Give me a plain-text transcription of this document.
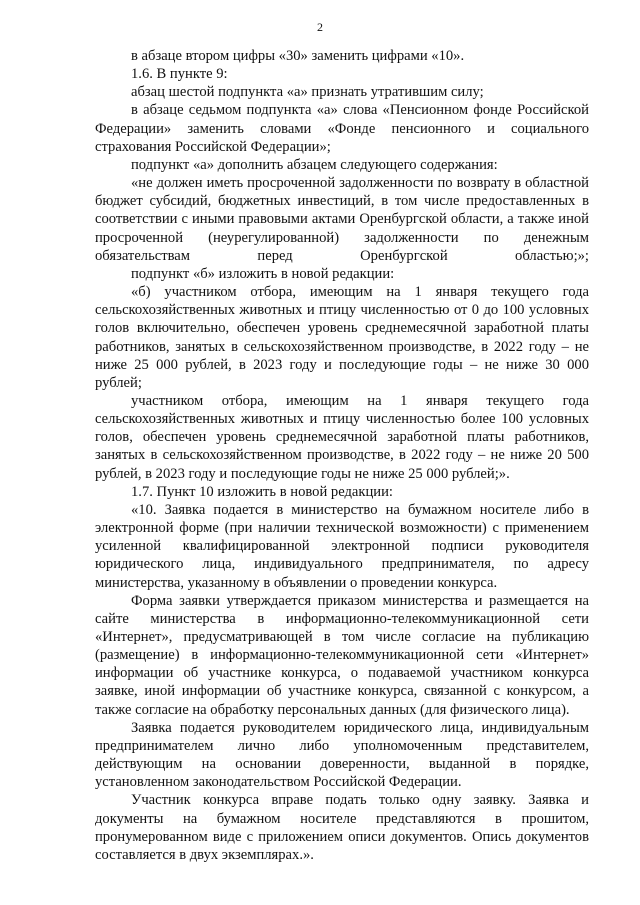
2

в абзаце втором цифры «30» заменить цифрами «10».

1.6. В пункте 9:

абзац шестой подпункта «а» признать утратившим силу;

в абзаце седьмом подпункта «а» слова «Пенсионном фонде Российской Федерации» заменить словами «Фонде пенсионного и социального страхования Российской Федерации»;

подпункт «а» дополнить абзацем следующего содержания:

«не должен иметь просроченной задолженности по возврату в областной бюджет субсидий, бюджетных инвестиций, в том числе предоставленных в соответствии с иными правовыми актами Оренбургской области, а также иной просроченной (неурегулированной) задолженности по денежным обязательствам перед Оренбургской областью;»;

подпункт «б» изложить в новой редакции:

«б) участником отбора, имеющим на 1 января текущего года сельскохозяйственных животных и птицу численностью от 0 до 100 условных голов включительно, обеспечен уровень среднемесячной заработной платы работников, занятых в сельскохозяйственном производстве, в 2022 году – не ниже 25 000 рублей, в 2023 году и последующие годы – не ниже 30 000 рублей;

участником отбора, имеющим на 1 января текущего года сельскохозяйственных животных и птицу численностью более 100 условных голов, обеспечен уровень среднемесячной заработной платы работников, занятых в сельскохозяйственном производстве, в 2022 году – не ниже 20 500 рублей, в 2023 году и последующие годы не ниже 25 000 рублей;».

1.7. Пункт 10 изложить в новой редакции:

«10. Заявка подается в министерство на бумажном носителе либо в электронной форме (при наличии технической возможности) с применением усиленной квалифицированной электронной подписи руководителя юридического лица, индивидуального предпринимателя, по адресу министерства, указанному в объявлении о проведении конкурса.

Форма заявки утверждается приказом министерства и размещается на сайте министерства в информационно-телекоммуникационной сети «Интернет», предусматривающей в том числе согласие на публикацию (размещение) в информационно-телекоммуникационной сети «Интернет» информации об участнике конкурса, о подаваемой участником конкурса заявке, иной информации об участнике конкурса, связанной с конкурсом, а также согласие на обработку персональных данных (для физического лица).

Заявка подается руководителем юридического лица, индивидуальным предпринимателем лично либо уполномоченным представителем, действующим на основании доверенности, выданной в порядке, установленном законодательством Российской Федерации.

Участник конкурса вправе подать только одну заявку. Заявка и документы на бумажном носителе представляются в прошитом, пронумерованном виде с приложением описи документов. Опись документов составляется в двух экземплярах.».
